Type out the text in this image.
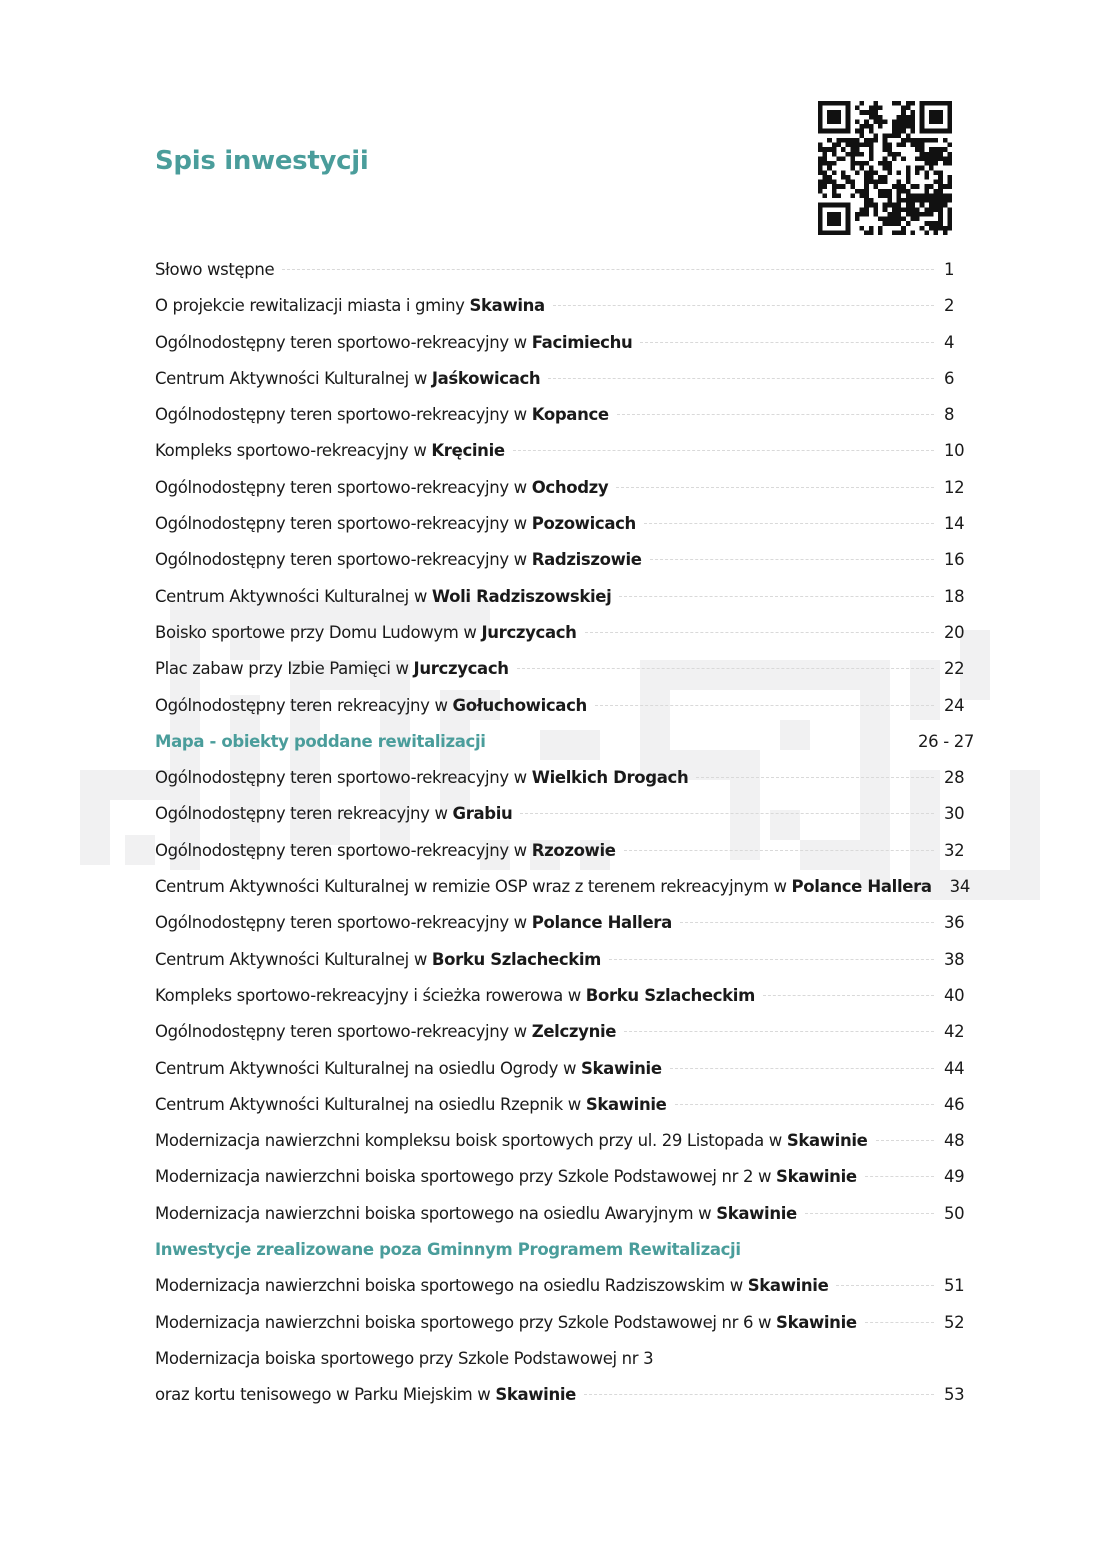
Spis inwestycji
Słowo wstępne	1
O projekcie rewitalizacji miasta i gminy Skawina	2
Ogólnodostępny teren sportowo-rekreacyjny w Facimiechu	4
Centrum Aktywności Kulturalnej w Jaśkowicach	6
Ogólnodostępny teren sportowo-rekreacyjny w Kopance	8
Kompleks sportowo-rekreacyjny w Kręcinie	10
Ogólnodostępny teren sportowo-rekreacyjny w Ochodzy	12
Ogólnodostępny teren sportowo-rekreacyjny w Pozowicach	14
Ogólnodostępny teren sportowo-rekreacyjny w Radziszowie	16
Centrum Aktywności Kulturalnej w Woli Radziszowskiej	18
Boisko sportowe przy Domu Ludowym w Jurczycach	20
Plac zabaw przy Izbie Pamięci w Jurczycach	22
Ogólnodostępny teren rekreacyjny w Gołuchowicach	24
Mapa - obiekty poddane rewitalizacji	26 - 27
Ogólnodostępny teren sportowo-rekreacyjny w Wielkich Drogach	28
Ogólnodostępny teren rekreacyjny w Grabiu	30
Ogólnodostępny teren sportowo-rekreacyjny w Rzozowie	32
Centrum Aktywności Kulturalnej w remizie OSP wraz z terenem rekreacyjnym w Polance Hallera 34
Ogólnodostępny teren sportowo-rekreacyjny w Polance Hallera	36
Centrum Aktywności Kulturalnej w Borku Szlacheckim	38
Kompleks sportowo-rekreacyjny i ścieżka rowerowa w Borku Szlacheckim	40
Ogólnodostępny teren sportowo-rekreacyjny w Zelczynie	42
Centrum Aktywności Kulturalnej na osiedlu Ogrody w Skawinie	44
Centrum Aktywności Kulturalnej na osiedlu Rzepnik w Skawinie	46
Modernizacja nawierzchni kompleksu boisk sportowych przy ul. 29 Listopada w Skawinie	48
Modernizacja nawierzchni boiska sportowego przy Szkole Podstawowej nr 2 w Skawinie	49
Modernizacja nawierzchni boiska sportowego na osiedlu Awaryjnym w Skawinie	50
Inwestycje zrealizowane poza Gminnym Programem Rewitalizacji
Modernizacja nawierzchni boiska sportowego na osiedlu Radziszowskim w Skawinie	51
Modernizacja nawierzchni boiska sportowego przy Szkole Podstawowej nr 6 w Skawinie	52
Modernizacja boiska sportowego przy Szkole Podstawowej nr 3
oraz kortu tenisowego w Parku Miejskim w Skawinie	53
